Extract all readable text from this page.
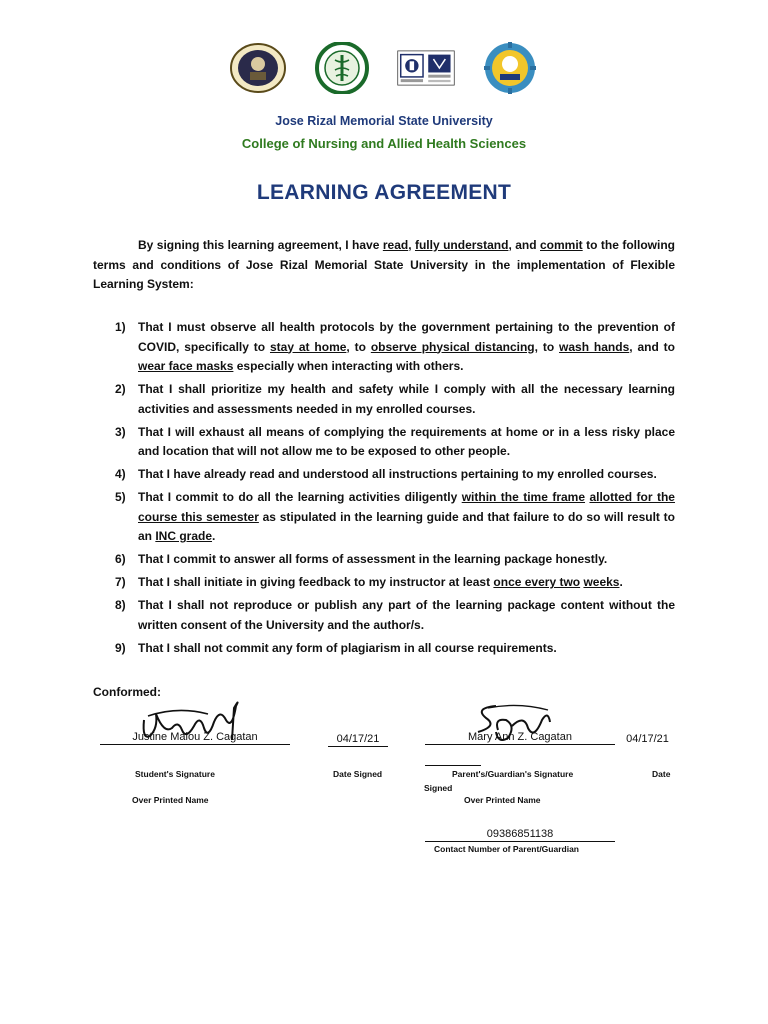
Jose Rizal Memorial State University
College of Nursing and Allied Health Sciences
LEARNING AGREEMENT
By signing this learning agreement, I have read, fully understand, and commit to the following terms and conditions of Jose Rizal Memorial State University in the implementation of Flexible Learning System:
1)	That I must observe all health protocols by the government pertaining to the prevention of COVID, specifically to stay at home, to observe physical distancing, to wash hands, and to wear face masks especially when interacting with others.
2)	That I shall prioritize my health and safety while I comply with all the necessary learning activities and assessments needed in my enrolled courses.
3)	That I will exhaust all means of complying the requirements at home or in a less risky place and location that will not allow me to be exposed to other people.
4)	That I have already read and understood all instructions pertaining to my enrolled courses.
5)	That I commit to do all the learning activities diligently within the time frame allotted for the course this semester as stipulated in the learning guide and that failure to do so will result to an INC grade.
6)	That I commit to answer all forms of assessment in the learning package honestly.
7)	That I shall initiate in giving feedback to my instructor at least once every two weeks.
8)	That I shall not reproduce or publish any part of the learning package content without the written consent of the University and the author/s.
9)	That I shall not commit any form of plagiarism in all course requirements.
Conformed:
Justine Malou Z. Cagatan	04/17/21	Mary Ann Z. Cagatan	04/17/21
Student's Signature	Date Signed
Over Printed Name
Parent's/Guardian's Signature	Date
Signed
Over Printed Name
09386851138
Contact Number of Parent/Guardian
